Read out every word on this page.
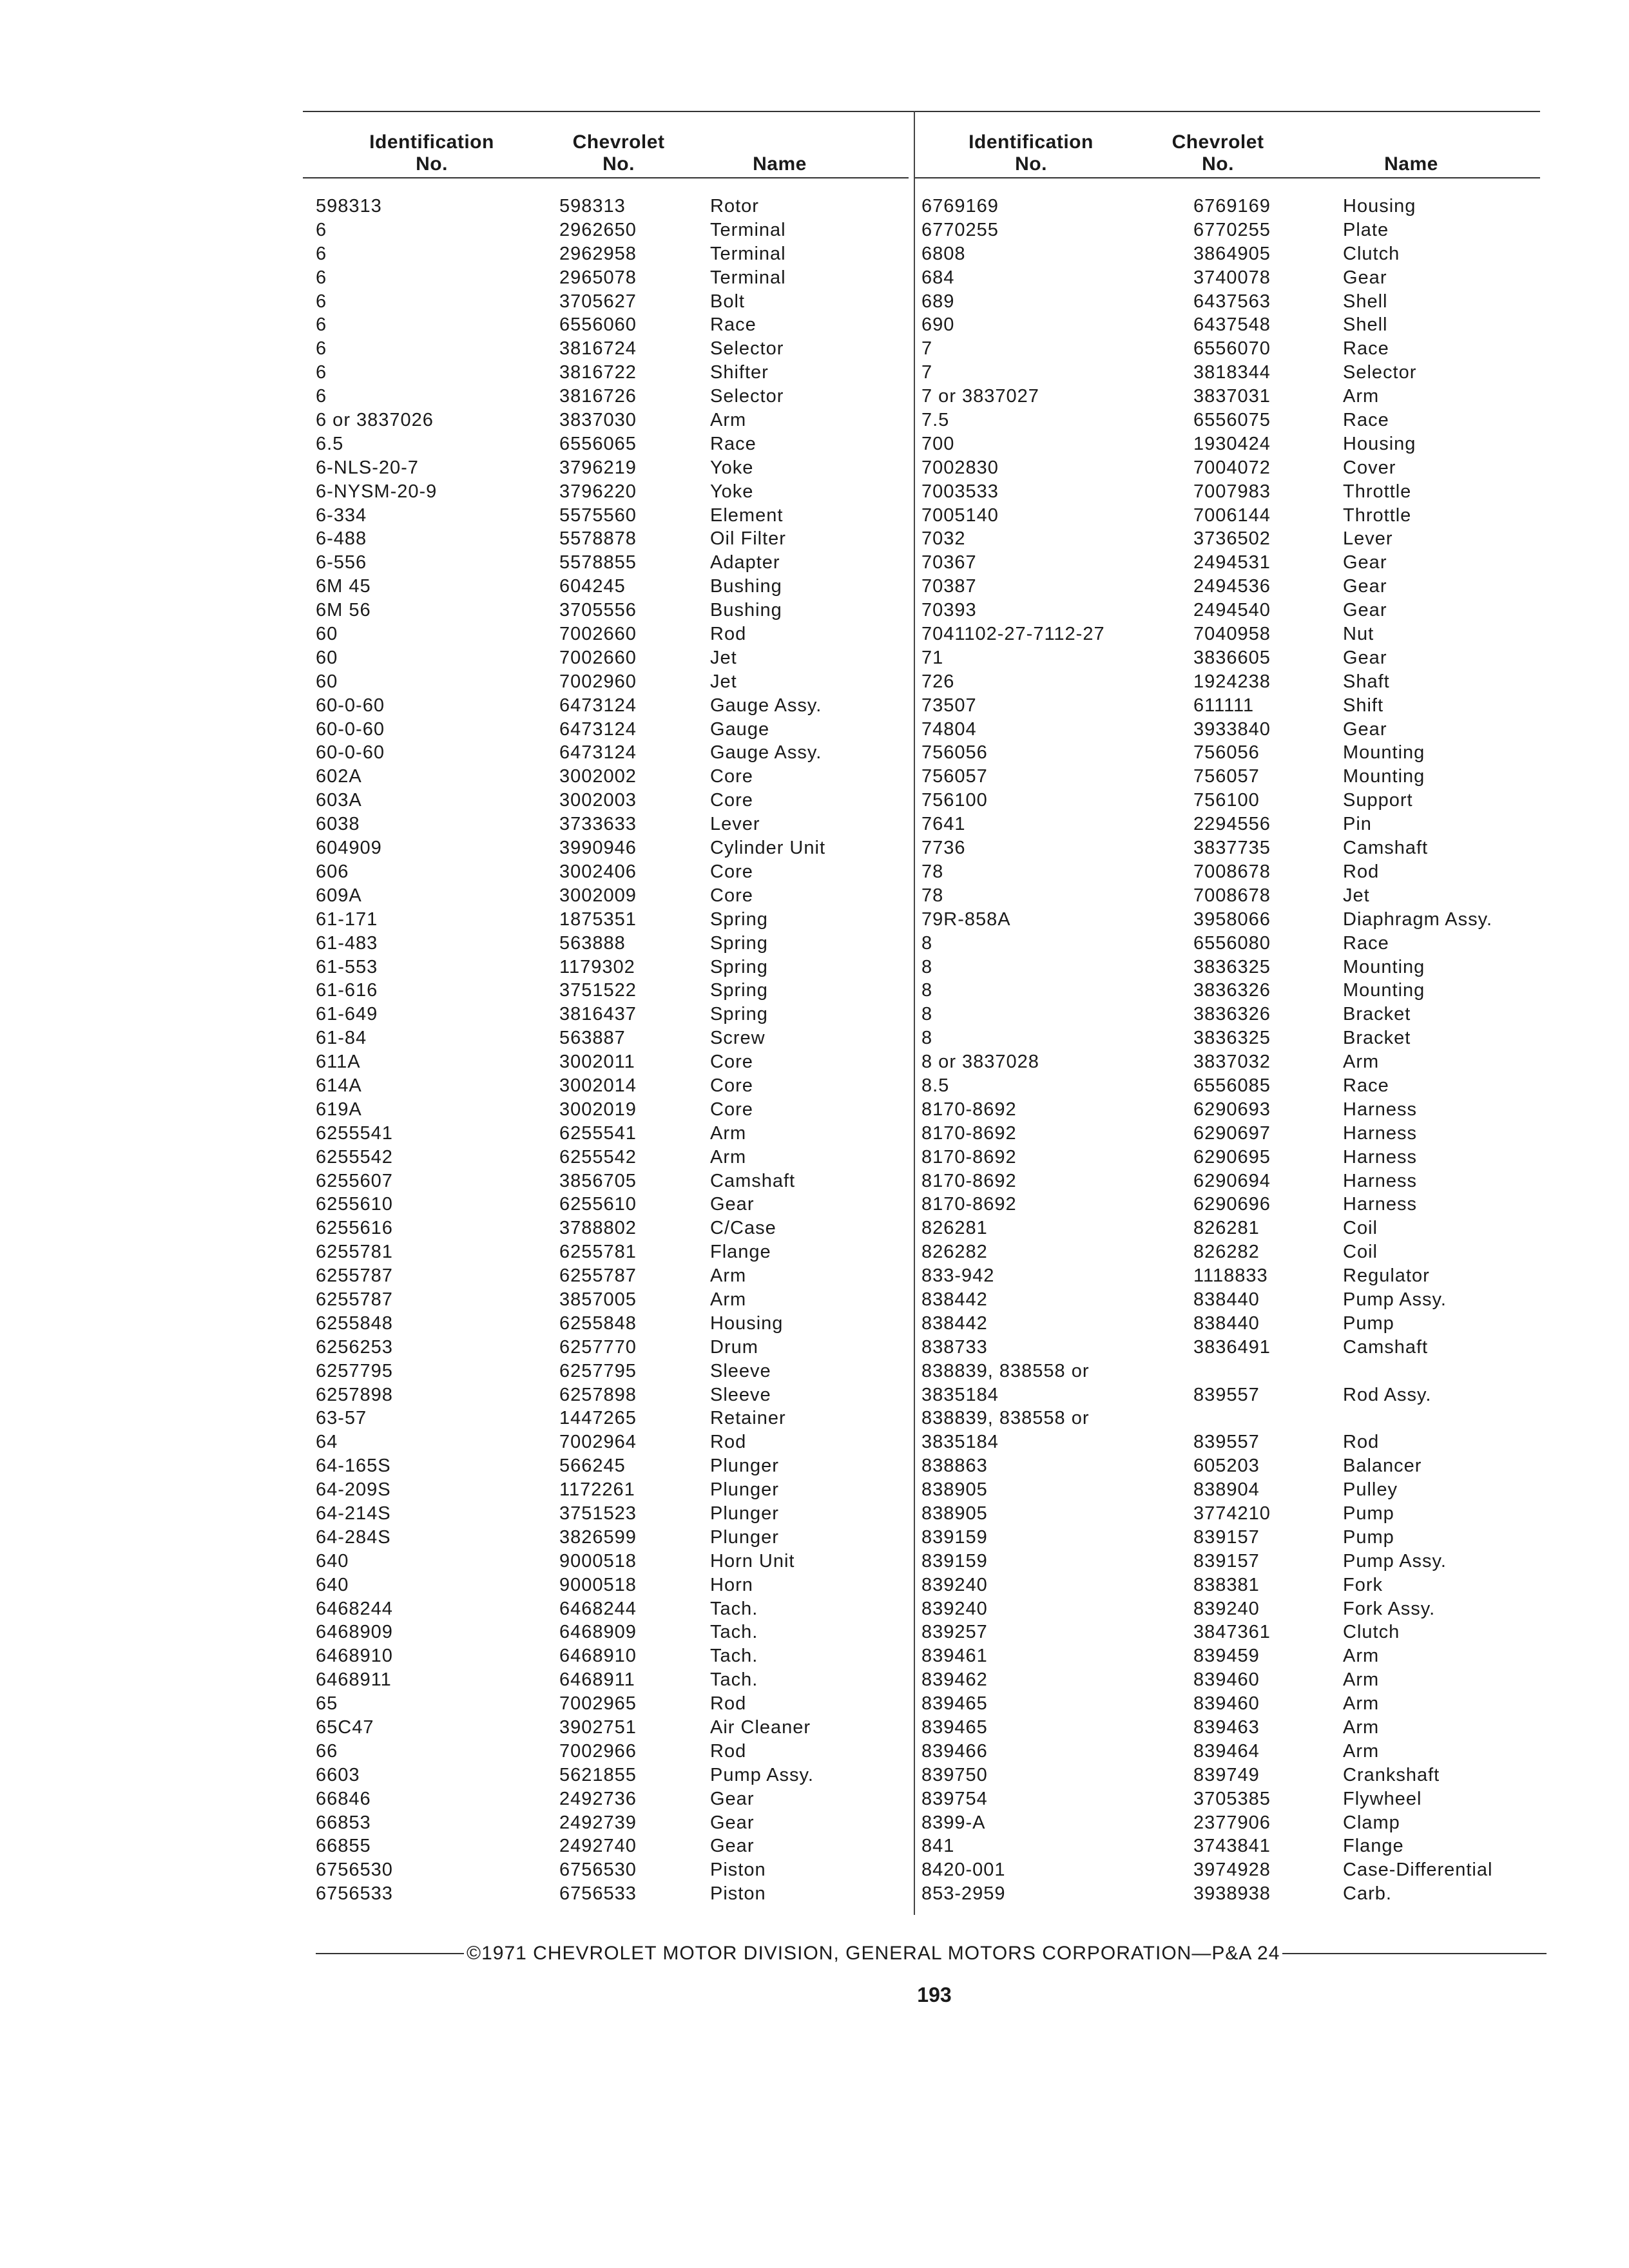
Identification
No.
Chevrolet
No.	Name
Identification
No.
Chevrolet
No.	Name
598313	598313	Rotor
6	2962650	Terminal
6	2962958	Terminal
6	2965078	Terminal
6	3705627	Bolt
6	6556060	Race
6	3816724	Selector
6	3816722	Shifter
6	3816726	Selector
6 or 3837026	3837030	Arm
6.5	6556065	Race
6-NLS-20-7	3796219	Yoke
6-NYSM-20-9	3796220	Yoke
6-334	5575560	Element
6-488	5578878	Oil Filter
6-556	5578855	Adapter
6M 45	604245	Bushing
6M 56	3705556	Bushing
60	7002660	Rod
60	7002660	Jet
60	7002960	Jet
60-0-60	6473124	Gauge Assy.
60-0-60	6473124	Gauge
60-0-60	6473124	Gauge Assy.
602A	3002002	Core
603A	3002003	Core
6038	3733633	Lever
604909	3990946	Cylinder Unit
606	3002406	Core
609A	3002009	Core
61-171	1875351	Spring
61-483	563888	Spring
61-553	1179302	Spring
61-616	3751522	Spring
61-649	3816437	Spring
61-84	563887	Screw
611A	3002011	Core
614A	3002014	Core
619A	3002019	Core
6255541	6255541	Arm
6255542	6255542	Arm
6255607	3856705	Camshaft
6255610	6255610	Gear
6255616	3788802	C/Case
6255781	6255781	Flange
6255787	6255787	Arm
6255787	3857005	Arm
6255848	6255848	Housing
6256253	6257770	Drum
6257795	6257795	Sleeve
6257898	6257898	Sleeve
63-57	1447265	Retainer
64	7002964	Rod
64-165S	566245	Plunger
64-209S	1172261	Plunger
64-214S	3751523	Plunger
64-284S	3826599	Plunger
640	9000518	Horn Unit
640	9000518	Horn
6468244	6468244	Tach.
6468909	6468909	Tach.
6468910	6468910	Tach.
6468911	6468911	Tach.
65	7002965	Rod
65C47	3902751	Air Cleaner
66	7002966	Rod
6603	5621855	Pump Assy.
66846	2492736	Gear
66853	2492739	Gear
66855	2492740	Gear
6756530	6756530	Piston
6756533	6756533	Piston
6769169	6769169	Housing
6770255	6770255	Plate
6808	3864905	Clutch
684	3740078	Gear
689	6437563	Shell
690	6437548	Shell
7	6556070	Race
7	3818344	Selector
7 or 3837027	3837031	Arm
7.5	6556075	Race
700	1930424	Housing
7002830	7004072	Cover
7003533	7007983	Throttle
7005140	7006144	Throttle
7032	3736502	Lever
70367	2494531	Gear
70387	2494536	Gear
70393	2494540	Gear
7041102-27-7112-27	7040958	Nut
71	3836605	Gear
726	1924238	Shaft
73507	611111	Shift
74804	3933840	Gear
756056	756056	Mounting
756057	756057	Mounting
756100	756100	Support
7641	2294556	Pin
7736	3837735	Camshaft
78	7008678	Rod
78	7008678	Jet
79R-858A	3958066	Diaphragm Assy.
8	6556080	Race
8	3836325	Mounting
8	3836326	Mounting
8	3836326	Bracket
8	3836325	Bracket
8 or 3837028	3837032	Arm
8.5	6556085	Race
8170-8692	6290693	Harness
8170-8692	6290697	Harness
8170-8692	6290695	Harness
8170-8692	6290694	Harness
8170-8692	6290696	Harness
826281	826281	Coil
826282	826282	Coil
833-942	1118833	Regulator
838442	838440	Pump Assy.
838442	838440	Pump
838733	3836491	Camshaft
838839, 838558 or
3835184	839557	Rod Assy.
838839, 838558 or
3835184	839557	Rod
838863	605203	Balancer
838905	838904	Pulley
838905	3774210	Pump
839159	839157	Pump
839159	839157	Pump Assy.
839240	838381	Fork
839240	839240	Fork Assy.
839257	3847361	Clutch
839461	839459	Arm
839462	839460	Arm
839465	839460	Arm
839465	839463	Arm
839466	839464	Arm
839750	839749	Crankshaft
839754	3705385	Flywheel
8399-A	2377906	Clamp
841	3743841	Flange
8420-001	3974928	Case-Differential
853-2959	3938938	Carb.
©1971 CHEVROLET MOTOR DIVISION, GENERAL MOTORS CORPORATION—P&A 24
193
